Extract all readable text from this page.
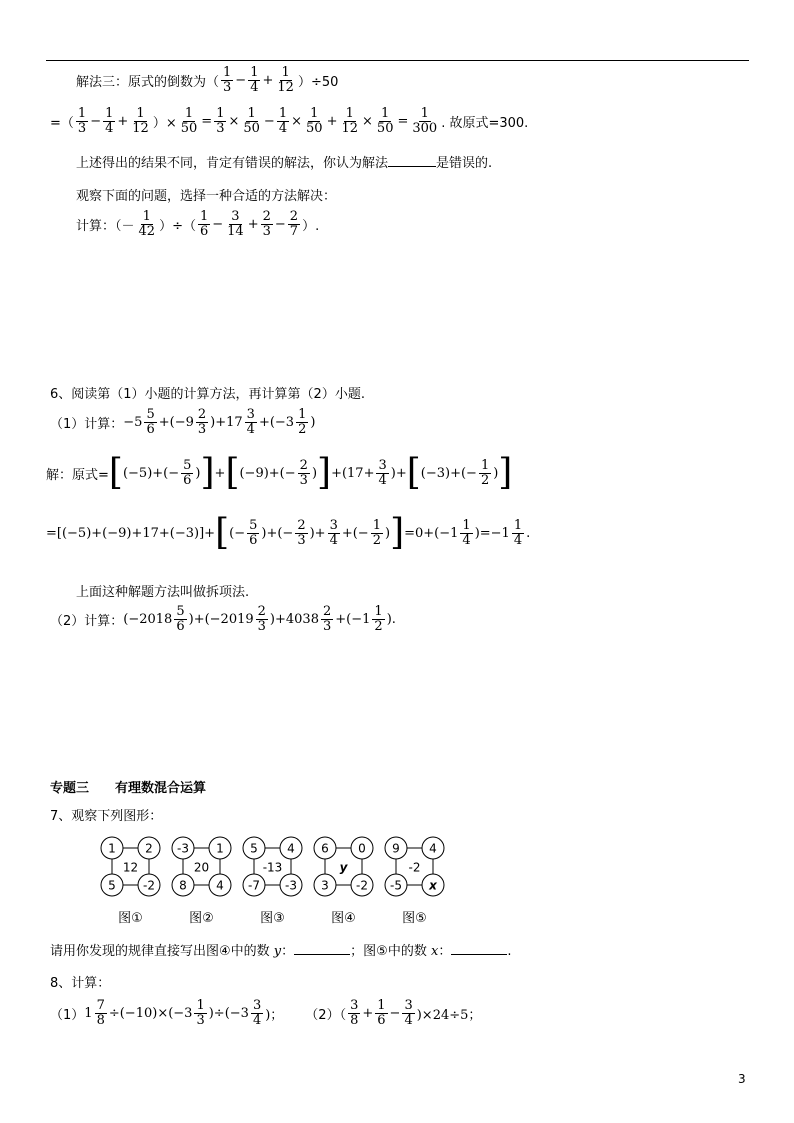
解法三：原式的倒数为（ $\frac{1}{3} - \frac{1}{4} + \frac{1}{12} )\div 50$
=（ $\frac{1}{3} - \frac{1}{4} + \frac{1}{12}$ ）× $\frac{1}{50} = \frac{1}{3} \times \frac{1}{50} - \frac{1}{4} \times \frac{1}{50} + \frac{1}{12} \times \frac{1}{50} = \frac{1}{300}$ . 故原式=300.
上述得出的结果不同，肯定有错误的解法，你认为解法	是错误的.
观察下面的问题，选择一种合适的方法解决：
计算：（－ $\frac{1}{42}$ ）÷（ $\frac{1}{6} - \frac{3}{14} + \frac{2}{3} - \frac{2}{7}$ ）.
6、阅读第（1）小题的计算方法，再计算第（2）小题.
（1）计算： $-5 \frac{5}{6} +(-9 \frac{2}{3} )+17 \frac{3}{4} +(-3 \frac{1}{2}$ )
解：原式= [ $(-5)+(- \frac{5}{6}$ ) ] + [ $(-9)+(- \frac{2}{3}$ ) ] $+(17+ \frac{3}{4}$ )+ [ $(-3)+(- \frac{1}{2}$ ) ]
=[(−5)+(−9)+17+(−3)]+ [ (− $\frac{5}{6}$ )+(− $\frac{2}{3}$ )+ $\frac{3}{4}$ +(− $\frac{1}{2}$ ) ] $=0+(-1 \frac{1}{4} )=-1 \frac{1}{4}$ .
上面这种解题方法叫做拆项法.
（2）计算： $(-2018 \frac{5}{6} )+(-2019 \frac{2}{3} )+4038 \frac{2}{3} +(-1 \frac{1}{2}$ ).
专题三　　有理数混合运算
7、观察下列图形：
1 2
5 -2
12
图①
-3 1
8 4
20
图②
5 4
-7 -3
-13
图③
6 0
3 -2
y
图④
9 4
-5 x
-2
图⑤
请用你发现的规律直接写出图④中的数 y：	；图⑤中的数 x：	.
8、计算：
（1） $1 \frac{7}{8} \div(-10)\times(-3 \frac{1}{3} )\div(-3 \frac{3}{4}$ )； $(2)( \frac{3}{8} + \frac{1}{6} - \frac{3}{4} )\times 24\div 5$；
3
